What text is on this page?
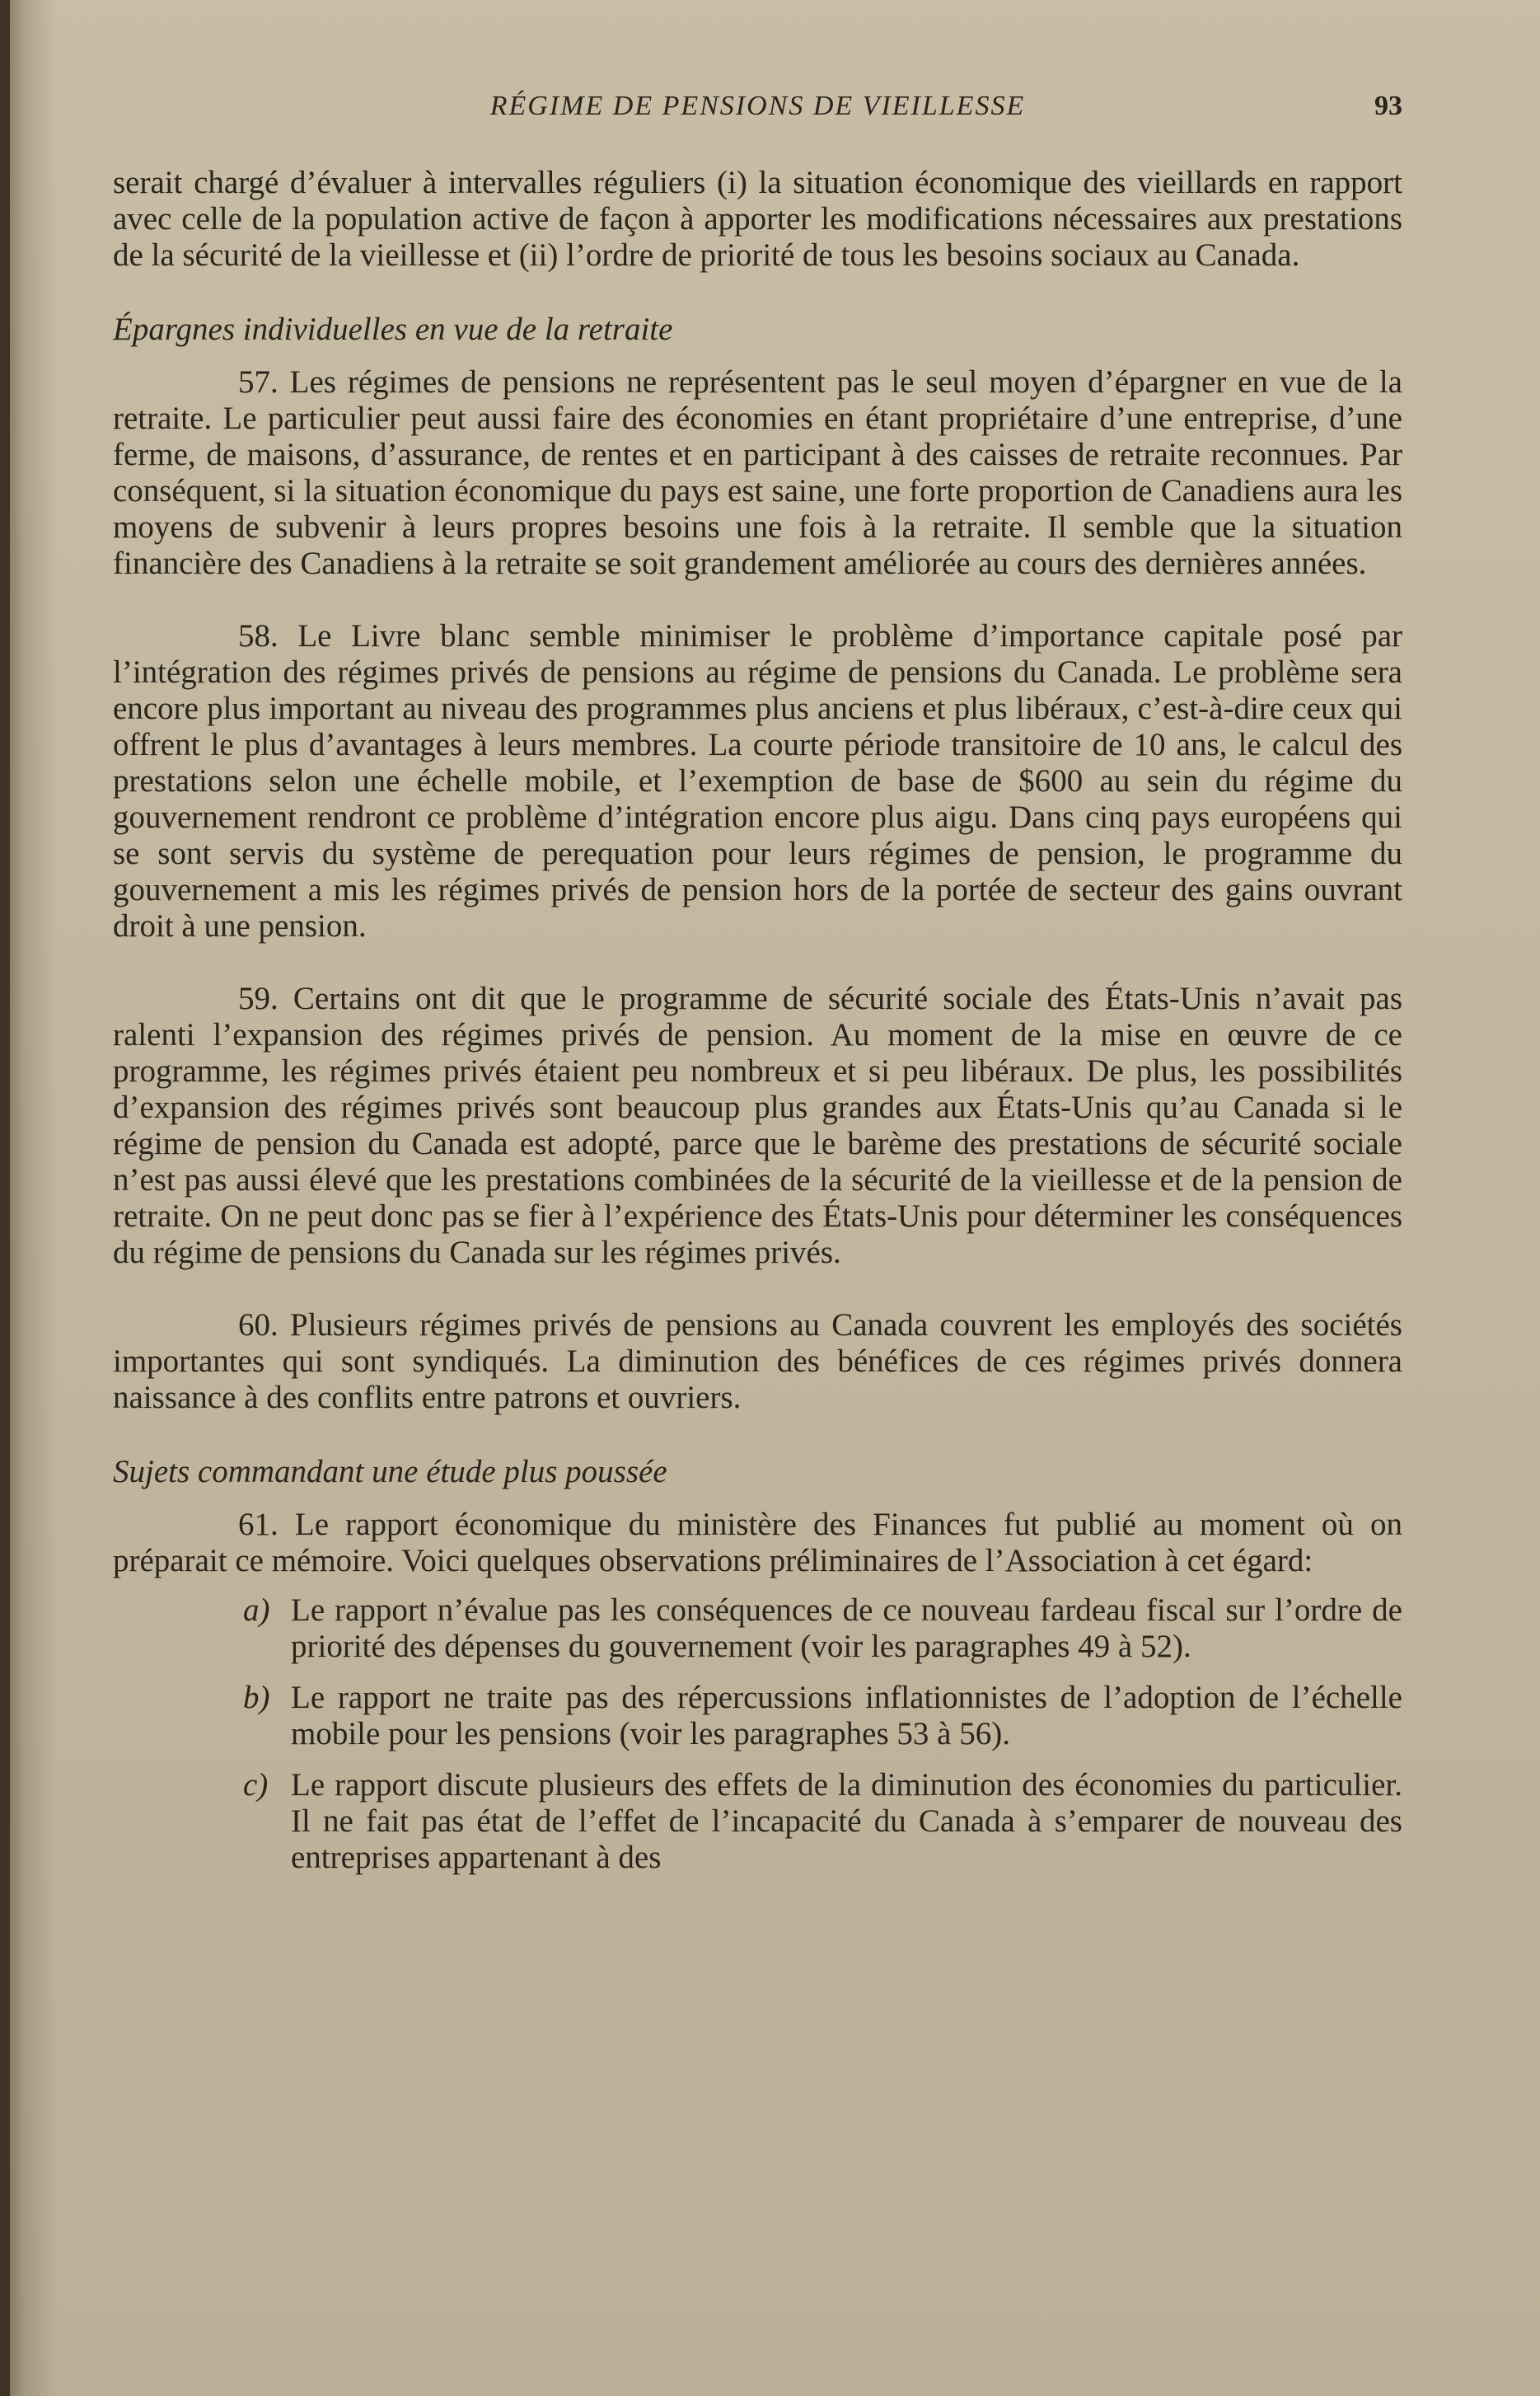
RÉGIME DE PENSIONS DE VIEILLESSE	93

serait chargé d’évaluer à intervalles réguliers (i) la situation économique des vieillards en rapport avec celle de la population active de façon à apporter les modifications nécessaires aux prestations de la sécurité de la vieillesse et (ii) l’ordre de priorité de tous les besoins sociaux au Canada.

Épargnes individuelles en vue de la retraite

57. Les régimes de pensions ne représentent pas le seul moyen d’épargner en vue de la retraite. Le particulier peut aussi faire des économies en étant propriétaire d’une entreprise, d’une ferme, de maisons, d’assurance, de rentes et en participant à des caisses de retraite reconnues. Par conséquent, si la situation économique du pays est saine, une forte proportion de Canadiens aura les moyens de subvenir à leurs propres besoins une fois à la retraite. Il semble que la situation financière des Canadiens à la retraite se soit grandement améliorée au cours des dernières années.

58. Le Livre blanc semble minimiser le problème d’importance capitale posé par l’intégration des régimes privés de pensions au régime de pensions du Canada. Le problème sera encore plus important au niveau des programmes plus anciens et plus libéraux, c’est-à-dire ceux qui offrent le plus d’avantages à leurs membres. La courte période transitoire de 10 ans, le calcul des prestations selon une échelle mobile, et l’exemption de base de $600 au sein du régime du gouvernement rendront ce problème d’intégration encore plus aigu. Dans cinq pays européens qui se sont servis du système de perequation pour leurs régimes de pension, le programme du gouvernement a mis les régimes privés de pension hors de la portée de secteur des gains ouvrant droit à une pension.

59. Certains ont dit que le programme de sécurité sociale des États-Unis n’avait pas ralenti l’expansion des régimes privés de pension. Au moment de la mise en œuvre de ce programme, les régimes privés étaient peu nombreux et si peu libéraux. De plus, les possibilités d’expansion des régimes privés sont beaucoup plus grandes aux États-Unis qu’au Canada si le régime de pension du Canada est adopté, parce que le barème des prestations de sécurité sociale n’est pas aussi élevé que les prestations combinées de la sécurité de la vieillesse et de la pension de retraite. On ne peut donc pas se fier à l’expérience des États-Unis pour déterminer les conséquences du régime de pensions du Canada sur les régimes privés.

60. Plusieurs régimes privés de pensions au Canada couvrent les employés des sociétés importantes qui sont syndiqués. La diminution des bénéfices de ces régimes privés donnera naissance à des conflits entre patrons et ouvriers.

Sujets commandant une étude plus poussée

61. Le rapport économique du ministère des Finances fut publié au moment où on préparait ce mémoire. Voici quelques observations préliminaires de l’Association à cet égard:

a) Le rapport n’évalue pas les conséquences de ce nouveau fardeau fiscal sur l’ordre de priorité des dépenses du gouvernement (voir les paragraphes 49 à 52).

b) Le rapport ne traite pas des répercussions inflationnistes de l’adoption de l’échelle mobile pour les pensions (voir les paragraphes 53 à 56).

c) Le rapport discute plusieurs des effets de la diminution des économies du particulier. Il ne fait pas état de l’effet de l’incapacité du Canada à s’emparer de nouveau des entreprises appartenant à des
